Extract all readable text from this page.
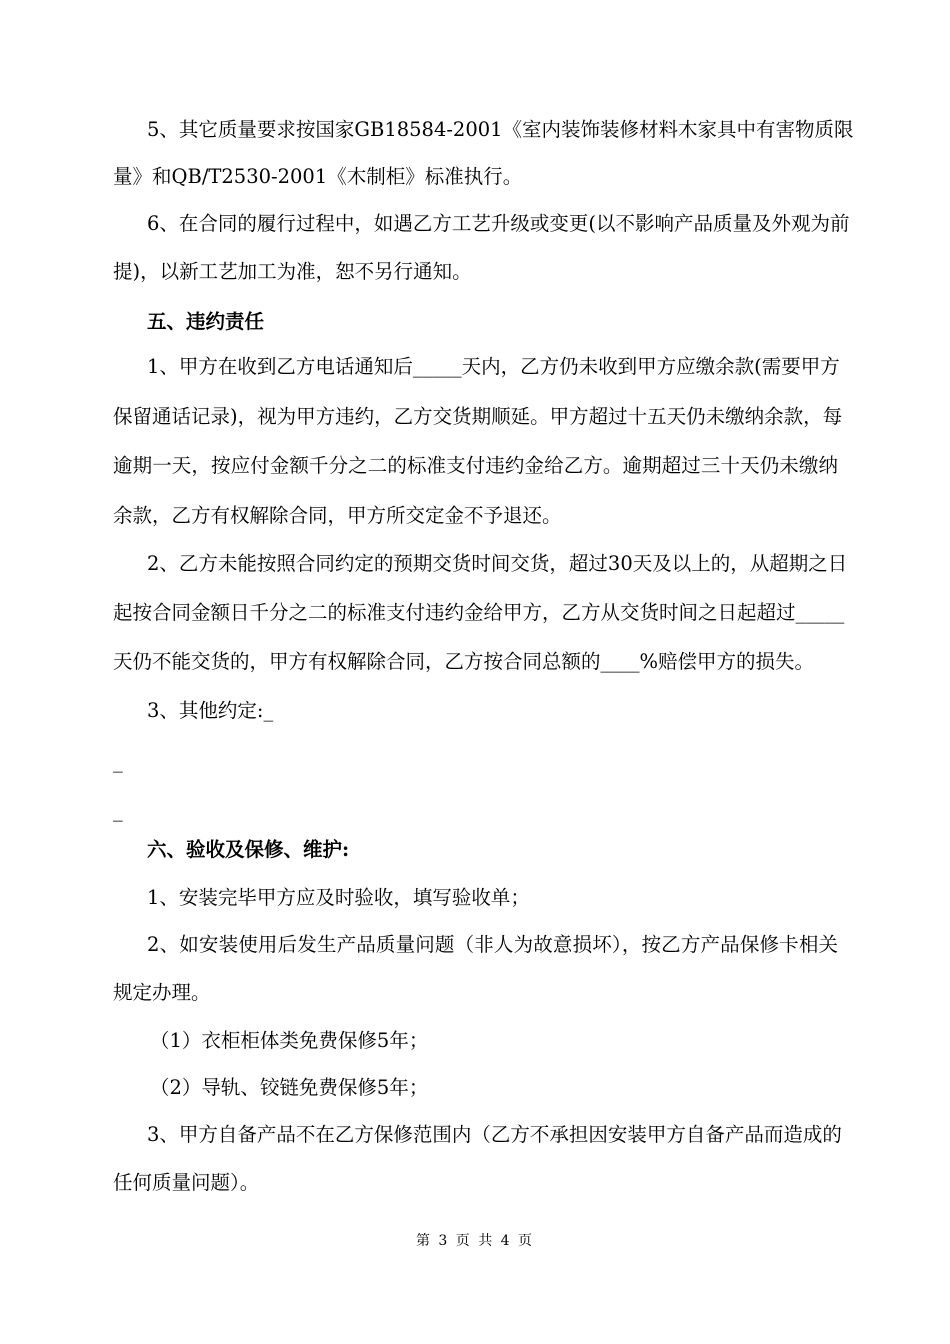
5、其它质量要求按国家GB18584-2001《室内装饰装修材料木家具中有害物质限
量》和QB/T2530-2001《木制柜》标准执行。
6、在合同的履行过程中，如遇乙方工艺升级或变更(以不影响产品质量及外观为前
提)，以新工艺加工为准，恕不另行通知。
五、违约责任
1、甲方在收到乙方电话通知后_____天内，乙方仍未收到甲方应缴余款(需要甲方
保留通话记录)，视为甲方违约，乙方交货期顺延。甲方超过十五天仍未缴纳余款，每
逾期一天，按应付金额千分之二的标准支付违约金给乙方。逾期超过三十天仍未缴纳
余款，乙方有权解除合同，甲方所交定金不予退还。
2、乙方未能按照合同约定的预期交货时间交货，超过30天及以上的，从超期之日
起按合同金额日千分之二的标准支付违约金给甲方，乙方从交货时间之日起超过_____
天仍不能交货的，甲方有权解除合同，乙方按合同总额的____%赔偿甲方的损失。
3、其他约定:_
_
_
六、验收及保修、维护:
1、安装完毕甲方应及时验收，填写验收单；
2、如安装使用后发生产品质量问题（非人为故意损坏），按乙方产品保修卡相关
规定办理。
（1）衣柜柜体类免费保修5年；
（2）导轨、铰链免费保修5年；
3、甲方自备产品不在乙方保修范围内（乙方不承担因安装甲方自备产品而造成的
任何质量问题）。
第 3 页 共 4 页
